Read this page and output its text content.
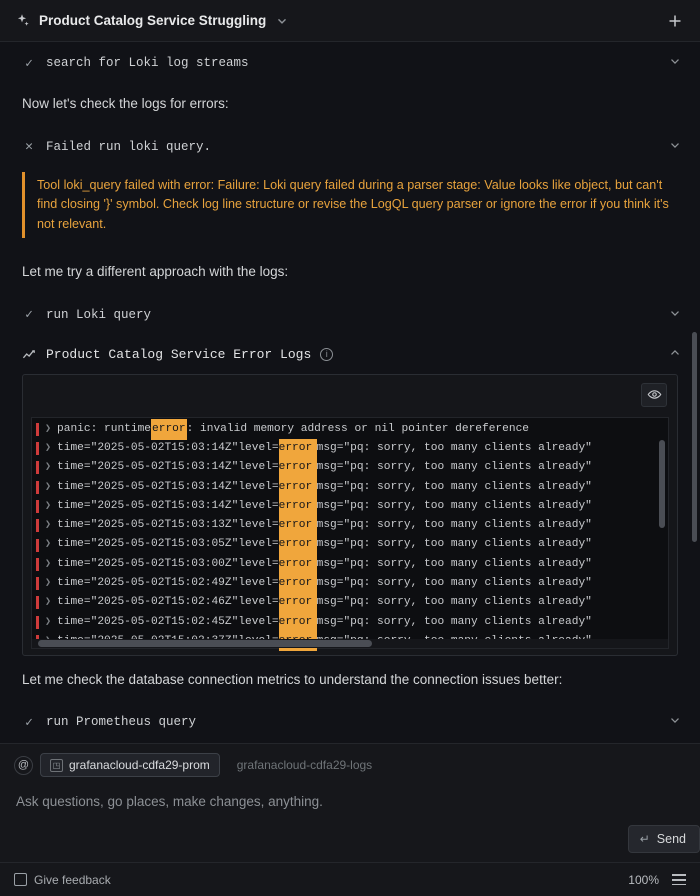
Product Catalog Service Struggling
✓ search for Loki log streams
Now let's check the logs for errors:
✕ Failed run loki query.

Tool loki_query failed with error: Failure: Loki query failed during a parser stage: Value looks like object, but can't find closing '}' symbol. Check log line structure or revise the LogQL query parser or ignore the error if you think it's not relevant.

Let me try a different approach with the logs:
✓ run Loki query
Product Catalog Service Error Logs	i
❯ panic: runtime error : invalid memory address or nil pointer dereference
❯ time="2025-05-02T15:03:14Z" level= error msg="pq: sorry, too many clients already"
❯ time="2025-05-02T15:03:14Z" level= error msg="pq: sorry, too many clients already"
❯ time="2025-05-02T15:03:14Z" level= error msg="pq: sorry, too many clients already"
❯ time="2025-05-02T15:03:14Z" level= error msg="pq: sorry, too many clients already"
❯ time="2025-05-02T15:03:13Z" level= error msg="pq: sorry, too many clients already"
❯ time="2025-05-02T15:03:05Z" level= error msg="pq: sorry, too many clients already"
❯ time="2025-05-02T15:03:00Z" level= error msg="pq: sorry, too many clients already"
❯ time="2025-05-02T15:02:49Z" level= error msg="pq: sorry, too many clients already"
❯ time="2025-05-02T15:02:46Z" level= error msg="pq: sorry, too many clients already"
❯ time="2025-05-02T15:02:45Z" level= error msg="pq: sorry, too many clients already"
Let me check the database connection metrics to understand the connection issues better:
✓ run Prometheus query
@	◳ grafanacloud-cdfa29-prom grafanacloud-cdfa29-logs
Ask questions, go places, make changes, anything.
↵ Send
Give feedback	100%
